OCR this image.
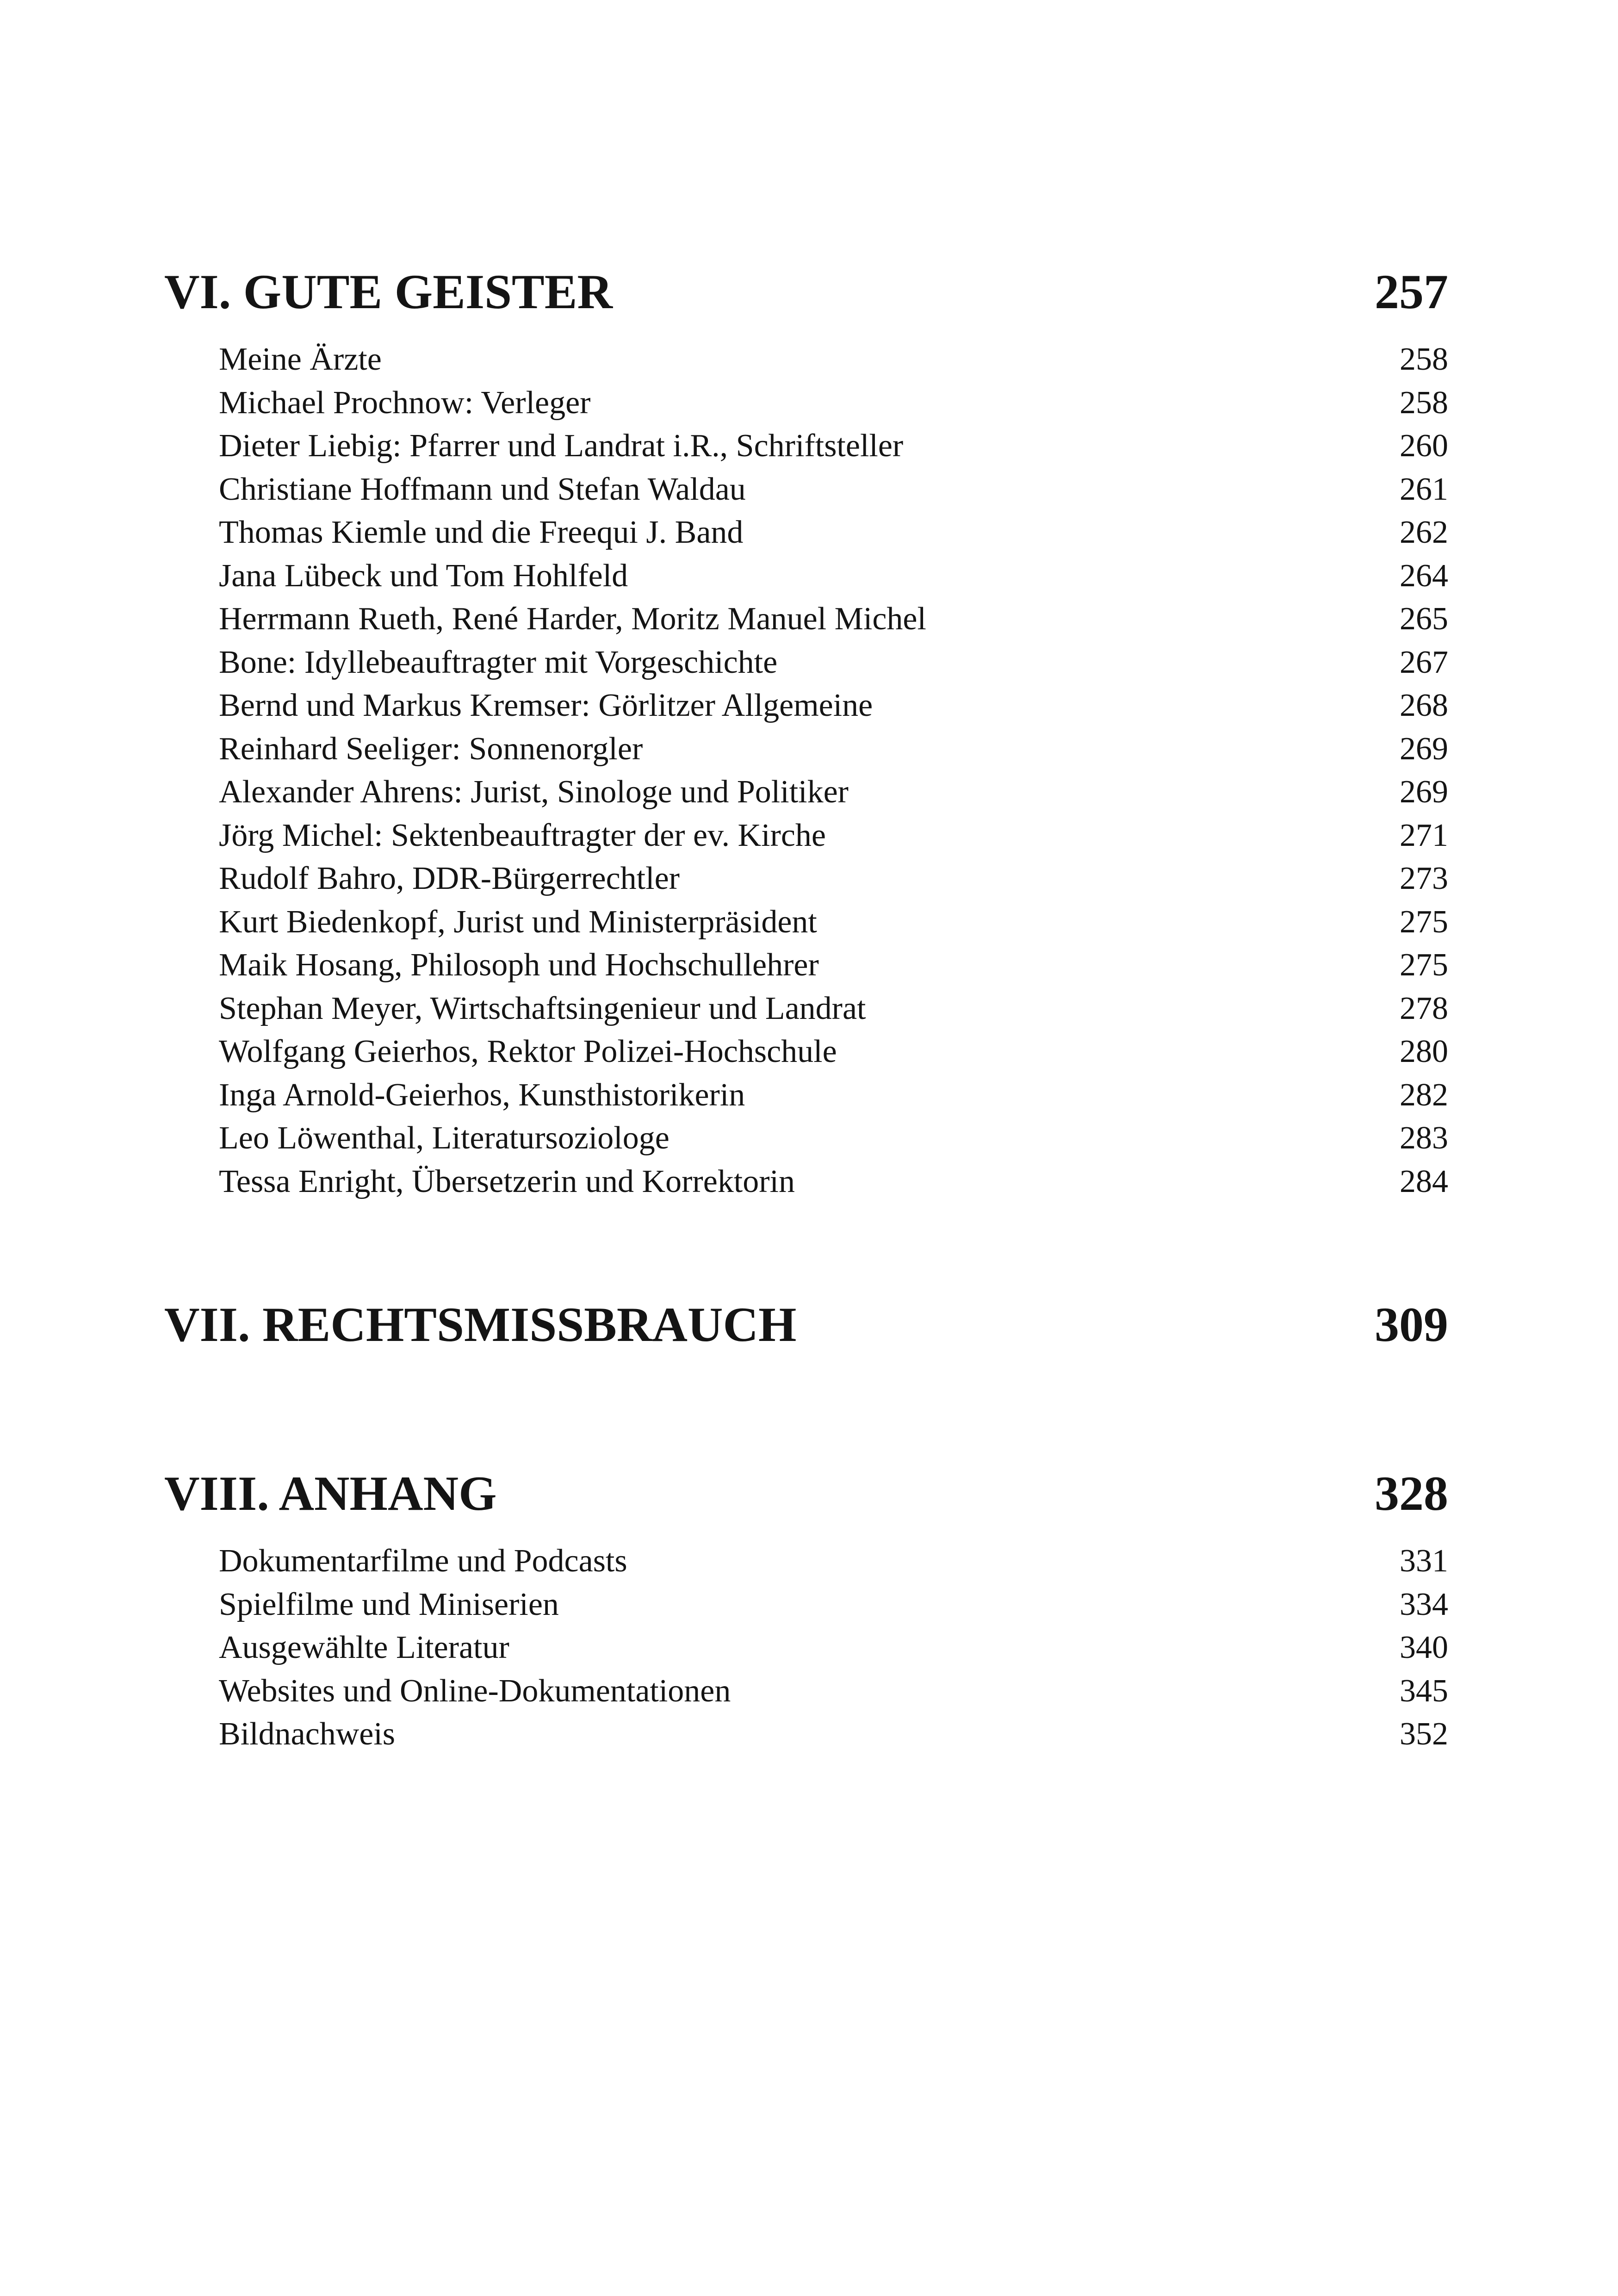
VI. GUTE GEISTER	257
Meine Ärzte	258
Michael Prochnow: Verleger	258
Dieter Liebig: Pfarrer und Landrat i.R., Schriftsteller	260
Christiane Hoffmann und Stefan Waldau	261
Thomas Kiemle und die Freequi J. Band	262
Jana Lübeck und Tom Hohlfeld	264
Herrmann Rueth, René Harder, Moritz Manuel Michel	265
Bone: Idyllebeauftragter mit Vorgeschichte	267
Bernd und Markus Kremser: Görlitzer Allgemeine	268
Reinhard Seeliger: Sonnenorgler	269
Alexander Ahrens: Jurist, Sinologe und Politiker	269
Jörg Michel: Sektenbeauftragter der ev. Kirche	271
Rudolf Bahro, DDR-Bürgerrechtler	273
Kurt Biedenkopf, Jurist und Ministerpräsident	275
Maik Hosang, Philosoph und Hochschullehrer	275
Stephan Meyer, Wirtschaftsingenieur und Landrat	278
Wolfgang Geierhos, Rektor Polizei-Hochschule	280
Inga Arnold-Geierhos, Kunsthistorikerin	282
Leo Löwenthal, Literatursoziologe	283
Tessa Enright, Übersetzerin und Korrektorin	284
VII. RECHTSMISSBRAUCH	309
VIII. ANHANG	328
Dokumentarfilme und Podcasts	331
Spielfilme und Miniserien	334
Ausgewählte Literatur	340
Websites und Online-Dokumentationen	345
Bildnachweis	352
